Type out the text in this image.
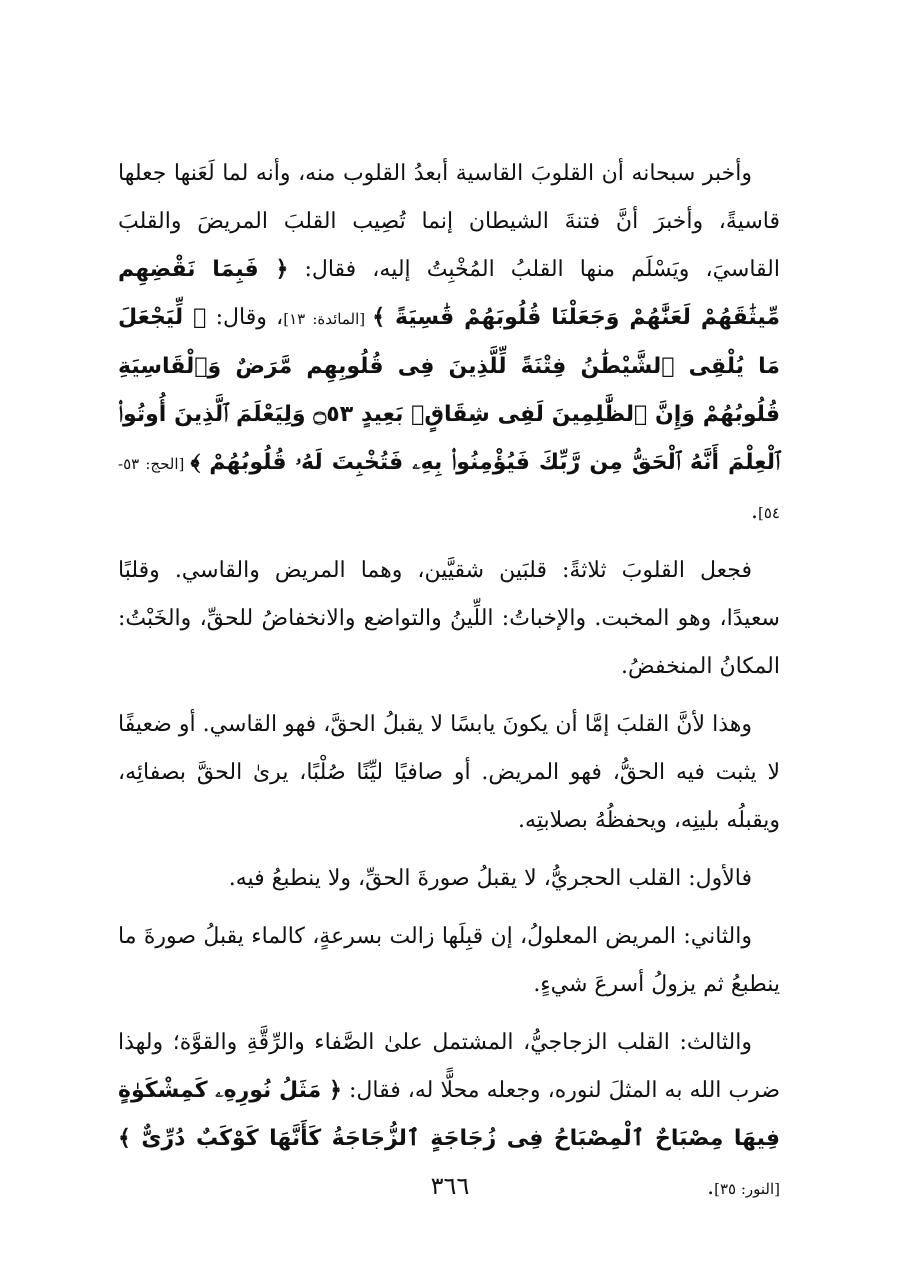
وأخبر سبحانه أن القلوبَ القاسية أبعدُ القلوب منه، وأنه لما لَعَنها جعلها قاسيةً، وأخبرَ أنَّ فتنةَ الشيطان إنما تُصِيب القلبَ المريضَ والقلبَ القاسيَ، ويَسْلَم منها القلبُ المُخْبِتُ إليه، فقال: ﴿ فَبِمَا نَقْضِهِم مِّيثَٰقَهُمْ لَعَنَّٰهُمْ وَجَعَلْنَا قُلُوبَهُمْ قَٰسِيَةً ﴾ [المائدة: ١٣]، وقال: ﴿ لِّيَجْعَلَ مَا يُلْقِى ٱلشَّيْطَٰنُ فِتْنَةً لِّلَّذِينَ فِى قُلُوبِهِم مَّرَضٌ وَٱلْقَاسِيَةِ قُلُوبُهُمْ وَإِنَّ ٱلظَّٰلِمِينَ لَفِى شِقَاقٍۭ بَعِيدٍ ۝٥٣ وَلِيَعْلَمَ ٱلَّذِينَ أُوتُوا۟ ٱلْعِلْمَ أَنَّهُ ٱلْحَقُّ مِن رَّبِّكَ فَيُؤْمِنُوا۟ بِهِۦ فَتُخْبِتَ لَهُۥ قُلُوبُهُمْ ﴾ [الحج: ٥٣- ٥٤].

فجعل القلوبَ ثلاثةً: قلبَين شقيَّين، وهما المريض والقاسي. وقلبًا سعيدًا، وهو المخبت. والإخباتُ: اللِّينُ والتواضع والانخفاضُ للحقِّ، والخَبْتُ: المكانُ المنخفضُ.

وهذا لأنَّ القلبَ إمَّا أن يكونَ يابسًا لا يقبلُ الحقَّ، فهو القاسي. أو ضعيفًا لا يثبت فيه الحقُّ، فهو المريض. أو صافيًا ليِّنًا صُلْبًا، يرىٰ الحقَّ بصفائِه، ويقبلُه بلينِه، ويحفظُهُ بصلابتِه.

فالأول: القلب الحجريُّ، لا يقبلُ صورةَ الحقِّ، ولا ينطبعُ فيه.

والثاني: المريض المعلولُ، إن قبِلَها زالت بسرعةٍ، كالماء يقبلُ صورةَ ما ينطبعُ ثم يزولُ أسرعَ شيءٍ.

والثالث: القلب الزجاجيُّ، المشتمل علىٰ الصَّفاء والرِّقَّةِ والقوَّة؛ ولهذا ضرب الله به المثلَ لنوره، وجعله محلًّا له، فقال: ﴿ مَثَلُ نُورِهِۦ كَمِشْكَوٰةٍ فِيهَا مِصْبَاحٌ ٱلْمِصْبَاحُ فِى زُجَاجَةٍ ٱلزُّجَاجَةُ كَأَنَّهَا كَوْكَبٌ دُرِّىٌّ ﴾ [النور: ٣٥].

٣٦٦
